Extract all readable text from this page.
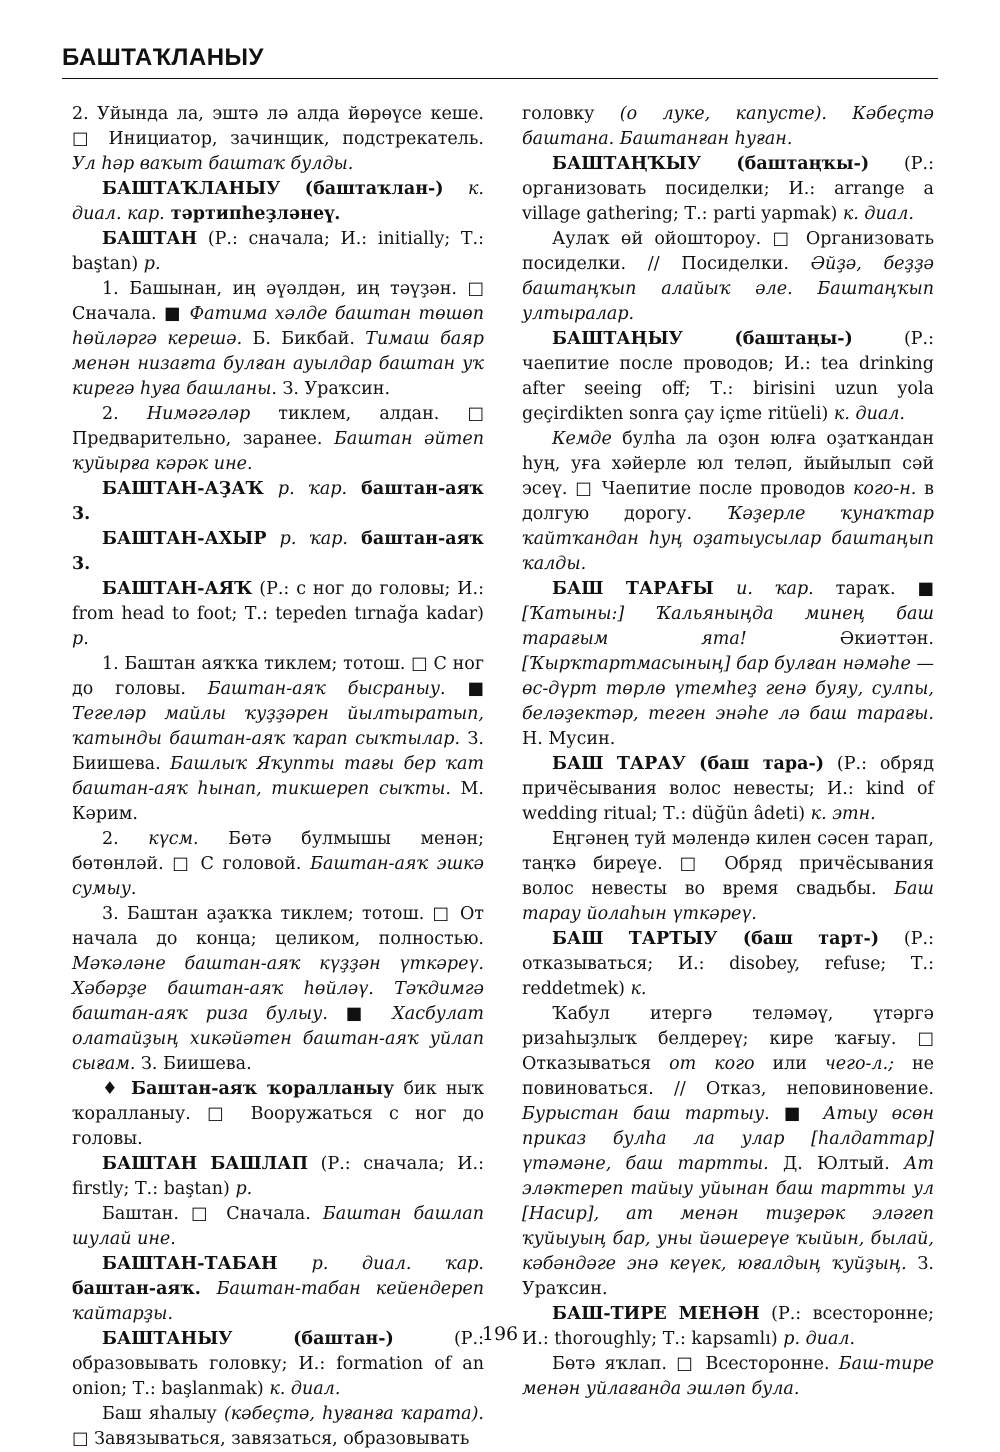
БАШТАҠЛАНЫУ

2. Уйында ла, эштә лә алда йөрөүсе кеше. □ Инициатор, зачинщик, подстрекатель. Ул һәр ваҡыт баштаҡ булды.

БАШТАҠЛАНЫУ (баштаҡлан-) к. диал. кар. тәртипһеҙләнеү.

БАШТАН (Р.: сначала; И.: initially; Т.: baştan) р.

1. Башынан, иң әүәлдән, иң тәүҙән. □ Сначала. ■ Фатима хәлде баштан төшөп һөйләргә керешә. Б. Бикбай. Тимаш баяр менән низағта булған ауылдар баштан уҡ кирегә һуға башланы. З. Ураҡсин.

2. Нимәгәләр тиклем, алдан. □ Предварительно, заранее. Баштан әйтеп ҡуйырға кәрәк ине.

БАШТАН-АҘАҠ р. ҡар. баштан-аяҡ 3.

БАШТАН-АХЫР р. ҡар. баштан-аяҡ 3.

БАШТАН-АЯҠ (Р.: с ног до головы; И.: from head to foot; Т.: tepeden tırnağa kadar) р.

1. Баштан аяҡҡа тиклем; тотош. □ С ног до головы. Баштан-аяҡ бысраныу. ■ Тегеләр майлы ҡуҙҙәрен йылтыратып, ҡатынды баштан-аяҡ ҡарап сыҡтылар. З. Биишева. Башлыҡ Яҡупты тағы бер ҡат баштан-аяҡ һынап, тикшереп сыҡты. М. Кәрим.

2. күсм. Бөтә булмышы менән; бөтөнләй. □ С головой. Баштан-аяҡ эшкә сумыу.

3. Баштан аҙаҡҡа тиклем; тотош. □ От начала до конца; целиком, полностью. Мәҡәләне баштан-аяҡ күҙҙән үткәреү. Хәбәрҙе баштан-аяҡ һөйләү. Тәҡдимгә баштан-аяҡ риза булыу. ■ Хасбулат олатайҙың хикәйәтен баштан-аяҡ уйлап сығам. З. Биишева.

♦ Баштан-аяҡ ҡоралланыу бик ныҡ ҡоралланыу. □ Вооружаться с ног до головы.

БАШТАН БАШЛАП (Р.: сначала; И.: firstly; Т.: baştan) р.

Баштан. □ Сначала. Баштан башлап шулай ине.

БАШТАН-ТАБАН р. диал. ҡар. баштан-аяҡ. Баштан-табан кейендереп ҡайтарҙы.

БАШТАНЫУ (баштан-) (Р.: образовывать головку; И.: formation of an onion; Т.: başlanmak) к. диал.

Баш яһалыу (кәбеҫтә, һуғанға ҡарата). □ Завязываться, завязаться, образовывать

головку (о луке, капусте). Кәбеҫтә баштана. Баштанған һуған.

БАШТАҢҠЫУ (баштаңҡы-) (Р.: организовать посиделки; И.: arrange a village gathering; Т.: parti yapmak) к. диал.

Аулаҡ өй ойоштороу. □ Организовать посиделки. // Посиделки. Әйҙә, беҙҙә баштаңҡып алайыҡ әле. Баштаңҡып ултыралар.

БАШТАҢЫУ (баштаңы-) (Р.: чаепитие после проводов; И.: tea drinking after seeing off; Т.: birisini uzun yola geçirdikten sonra çay içme ritüeli) к. диал.

Кемде булһа ла оҙон юлға оҙатҡандан һуң, уға хәйерле юл теләп, йыйылып сәй эсеү. □ Чаепитие после проводов кого-н. в долгую дорогу. Ҡәҙерле ҡунаҡтар ҡайтҡандан һуң оҙатыусылар баштаңып ҡалды.

БАШ ТАРАҒЫ и. ҡар. тараҡ. ■ [Ҡатыны:] Ҡальяныңда минең баш тарағым ята! Әкиәттән. [Ҡырҡтартмасының] бар булған нәмәһе — өс-дүрт төрлө үтемһеҙ генә буяу, сулпы, беләҙектәр, теген энәһе лә баш тарағы. Н. Мусин.

БАШ ТАРАУ (баш тара-) (Р.: обряд причёсывания волос невесты; И.: kind of wedding ritual; Т.: düğün âdeti) к. этн.

Еңгәнең туй мәлендә килен сәсен тарап, таңҡә биреүе. □ Обряд причёсывания волос невесты во время свадьбы. Баш тарау йолаһын үткәреү.

БАШ ТАРТЫУ (баш тарт-) (Р.: отказываться; И.: disobey, refuse; Т.: reddetmek) к.

Ҡабул итергә теләмәү, үтәргә ризаһыҙлыҡ белдереү; кире ҡағыу. □ Отказываться от кого или чего-л.; не повиноваться. // Отказ, неповиновение. Бурыстан баш тартыу. ■ Атыу өсөн приказ булһа ла улар [һалдаттар] үтәмәне, баш тартты. Д. Юлтый. Ат эләктереп тайыу уйынан баш тартты ул [Насир], ат менән тиҙерәк эләгеп ҡуйыуың бар, уны йәшереүе ҡыйын, былай, кәбәндәге энә кеүек, юғалдың ҡуйҙың. З. Ураҡсин.

БАШ-ТИРЕ МЕНӘН (Р.: всесторонне; И.: thoroughly; Т.: kapsamlı) р. диал.

Бөтә яҡлап. □ Всесторонне. Баш-тире менән уйлағанда эшләп була.

196
